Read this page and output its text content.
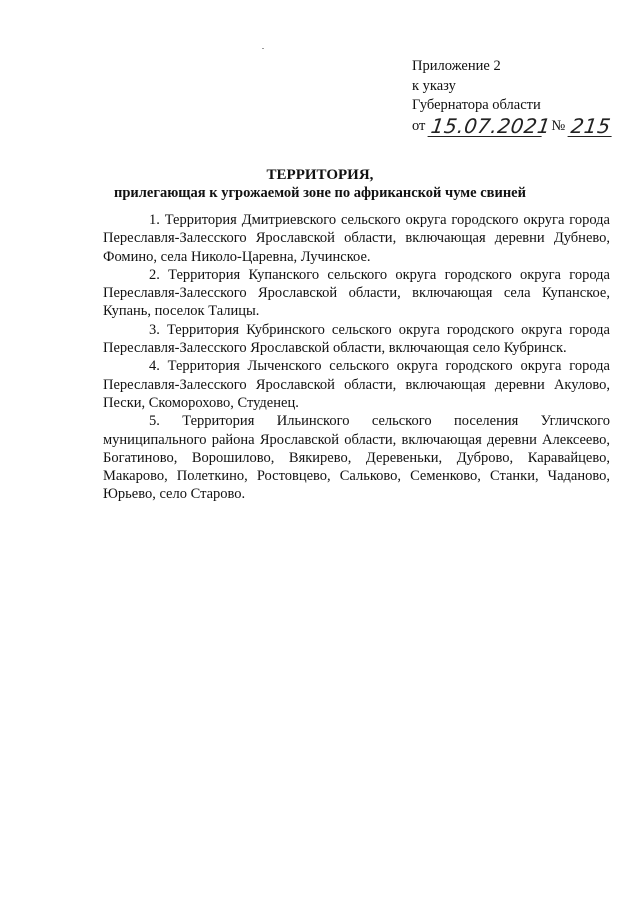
Приложение 2
к указу
Губернатора области
от 15.07.2021
№ 215
ТЕРРИТОРИЯ,
прилегающая к угрожаемой зоне по африканской чуме свиней

1. Территория Дмитриевского сельского округа городского округа города Переславля-Залесского Ярославской области, включающая деревни Дубнево, Фомино, села Николо-Царевна, Лучинское.

2. Территория Купанского сельского округа городского округа города Переславля-Залесского Ярославской области, включающая села Купанское, Купань, поселок Талицы.

3. Территория Кубринского сельского округа городского округа города Переславля-Залесского Ярославской области, включающая село Кубринск.

4. Территория Лыченского сельского округа городского округа города Переславля-Залесского Ярославской области, включающая деревни Акулово, Пески, Скоморохово, Студенец.

5. Территория Ильинского сельского поселения Угличского муниципального района Ярославской области, включающая деревни Алексеево, Богатиново, Ворошилово, Вякирево, Деревеньки, Дуброво, Каравайцево, Макарово, Полеткино, Ростовцево, Сальково, Семенково, Станки, Чаданово, Юрьево, село Старово.
